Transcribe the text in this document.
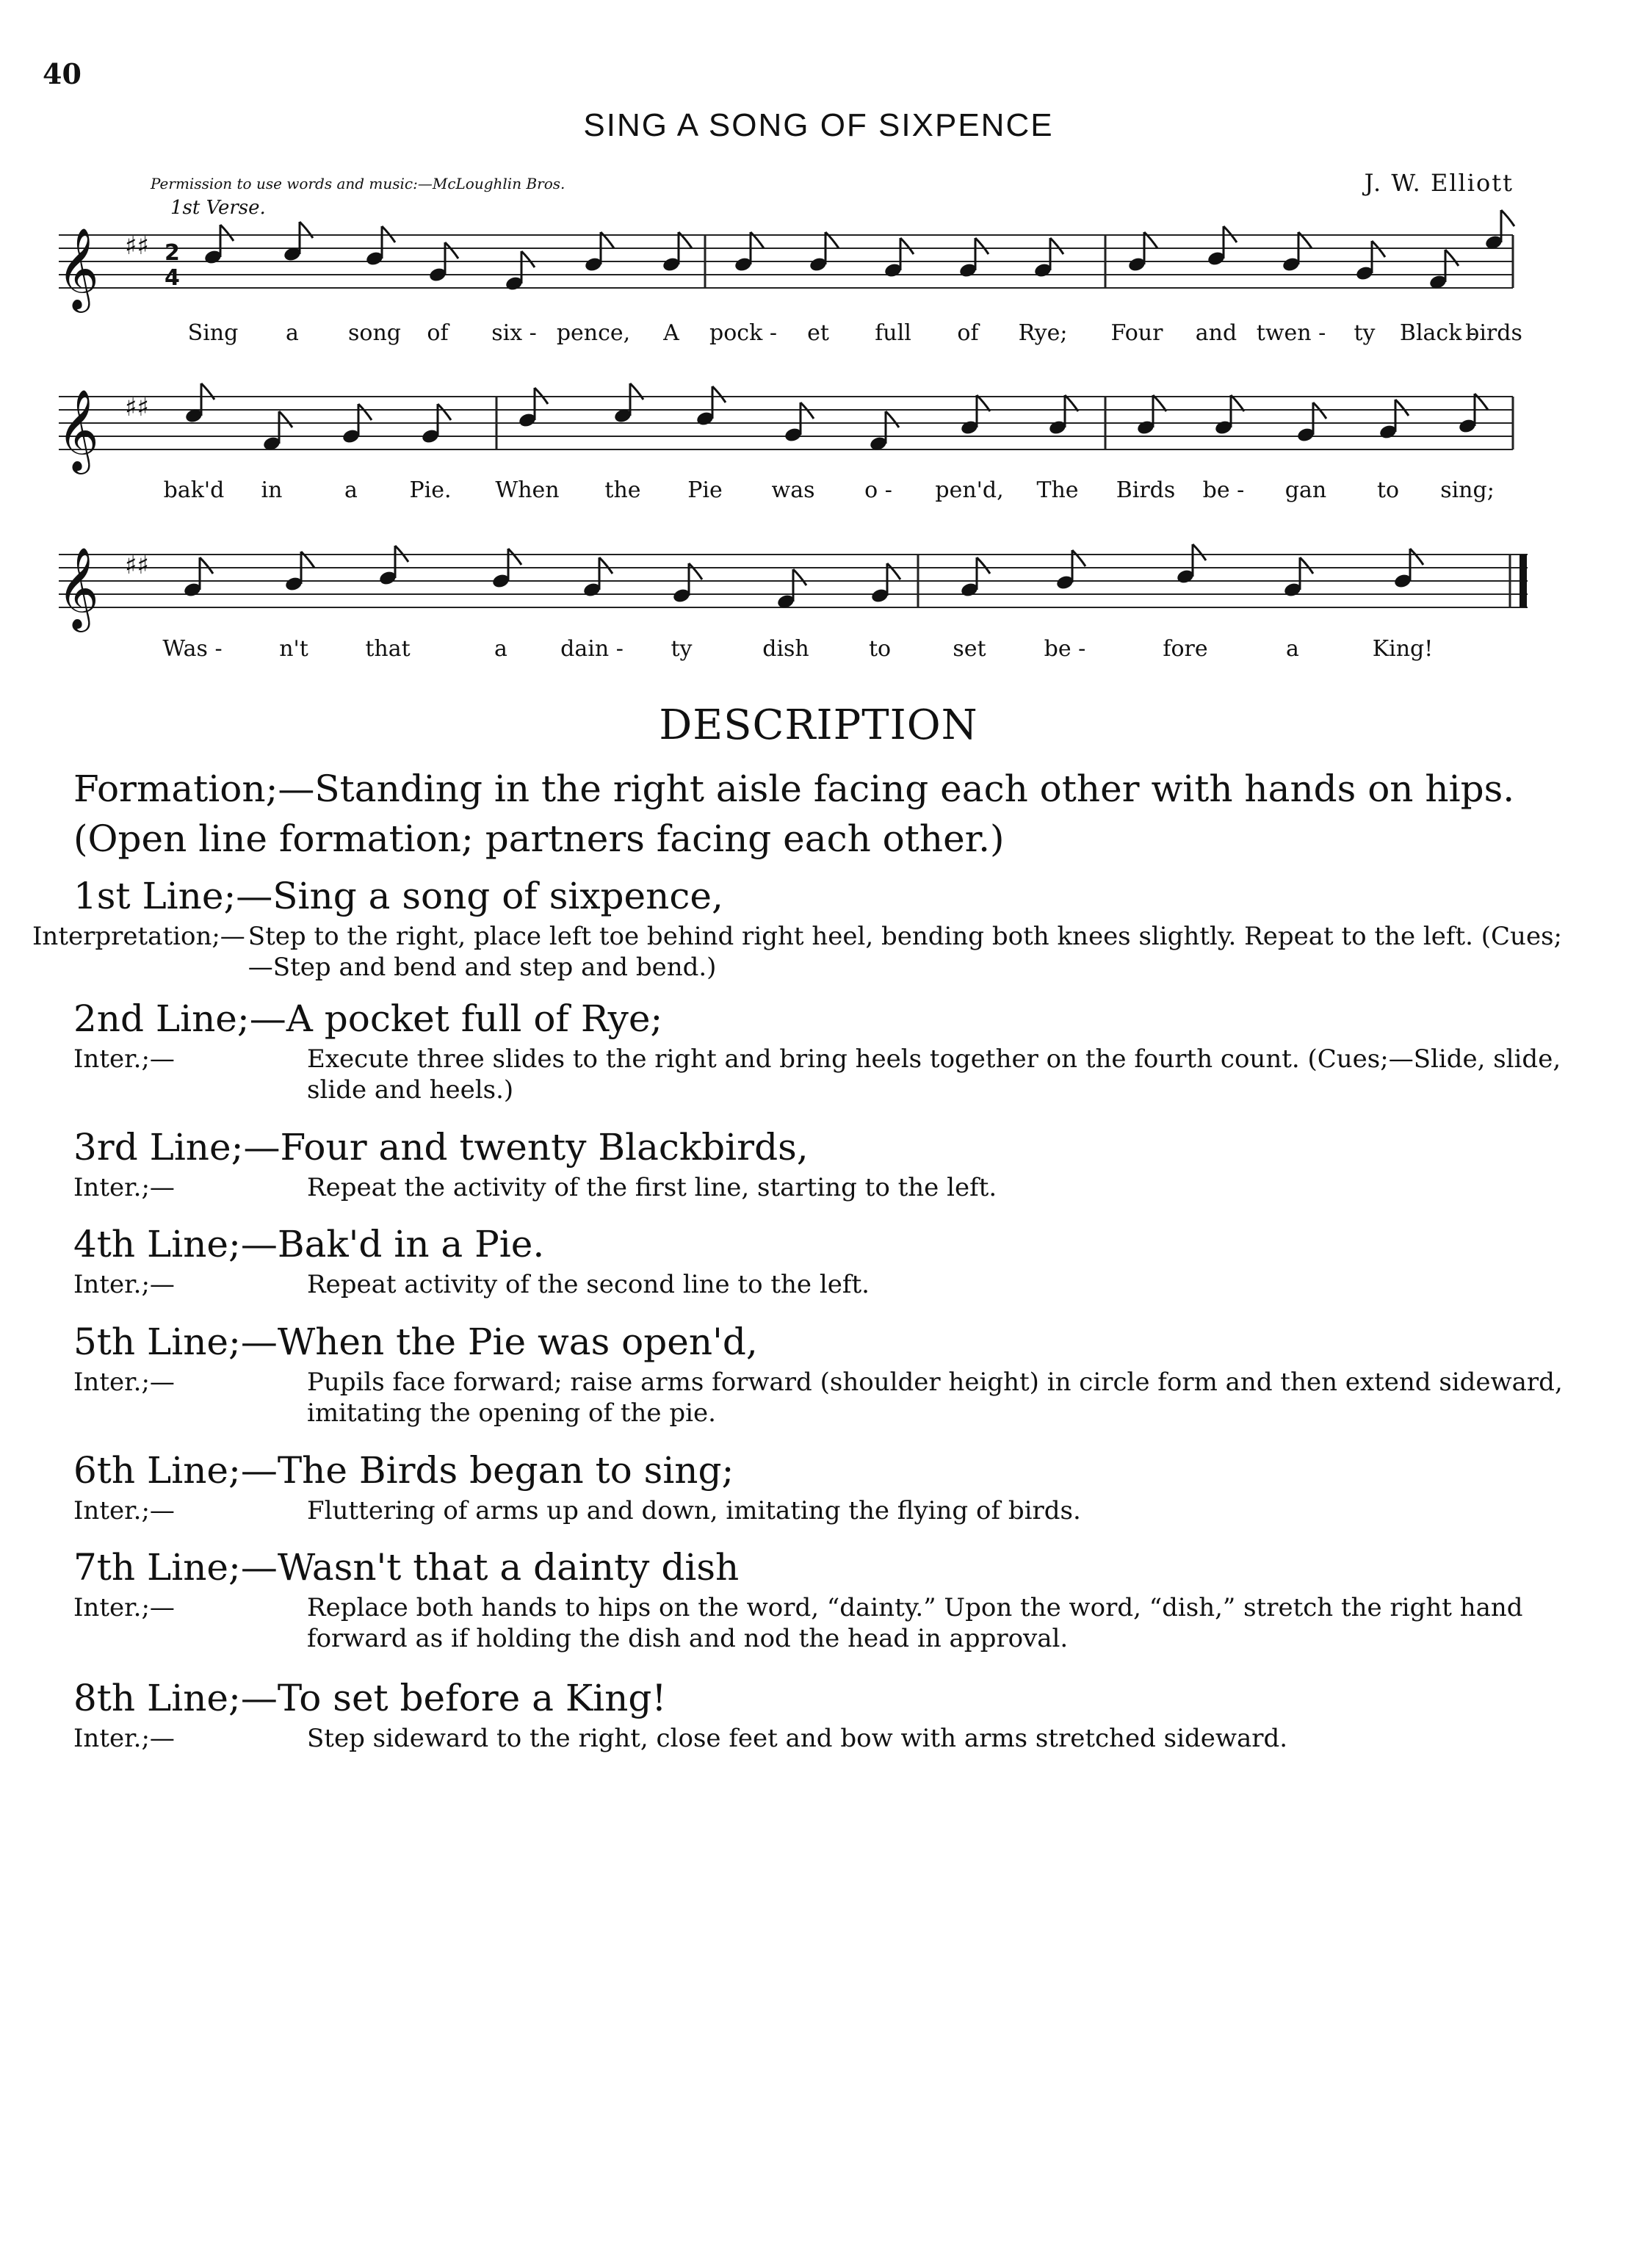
40
SING A SONG OF SIXPENCE
Permission to use words and music:—McLoughlin Bros.	J. W. Elliott
1st Verse.
𝄞 ♯♯ 2
4
𝄞 ♯♯
𝄞 ♯♯
DESCRIPTION
Formation;—Standing in the right aisle facing each other with hands on hips. (Open line formation; partners facing each other.)
1st Line;—Sing a song of sixpence,
Interpretation;— Step to the right, place left toe behind right heel, bending both knees slightly. Repeat to the left. (Cues;—Step and bend and step and bend.)
2nd Line;—A pocket full of Rye;
Inter.;—	Execute three slides to the right and bring heels together on the fourth count. (Cues;—Slide, slide, slide and heels.)
3rd Line;—Four and twenty Blackbirds,
Inter.;—	Repeat the activity of the first line, starting to the left.
4th Line;—Bak'd in a Pie.
Inter.;—	Repeat activity of the second line to the left.
5th Line;—When the Pie was open'd,
Inter.;—	Pupils face forward; raise arms forward (shoulder height) in circle form and then extend sideward, imitating the opening of the pie.
6th Line;—The Birds began to sing;
Inter.;—	Fluttering of arms up and down, imitating the flying of birds.
7th Line;—Wasn't that a dainty dish
Inter.;—	Replace both hands to hips on the word, “dainty.” Upon the word, “dish,” stretch the right hand forward as if holding the dish and nod the head in approval.
8th Line;—To set before a King!
Inter.;—	Step sideward to the right, close feet and bow with arms stretched sideward.
Sing a song of six - pence, A pock - et full of Rye; Four and twen - ty Black -
birds
bak'd in	a Pie. When the Pie was o - pen'd, The Birds be - gan to sing;
Was -	n't	that	a dain - ty	dish	to	set	be -	fore	a	King!
